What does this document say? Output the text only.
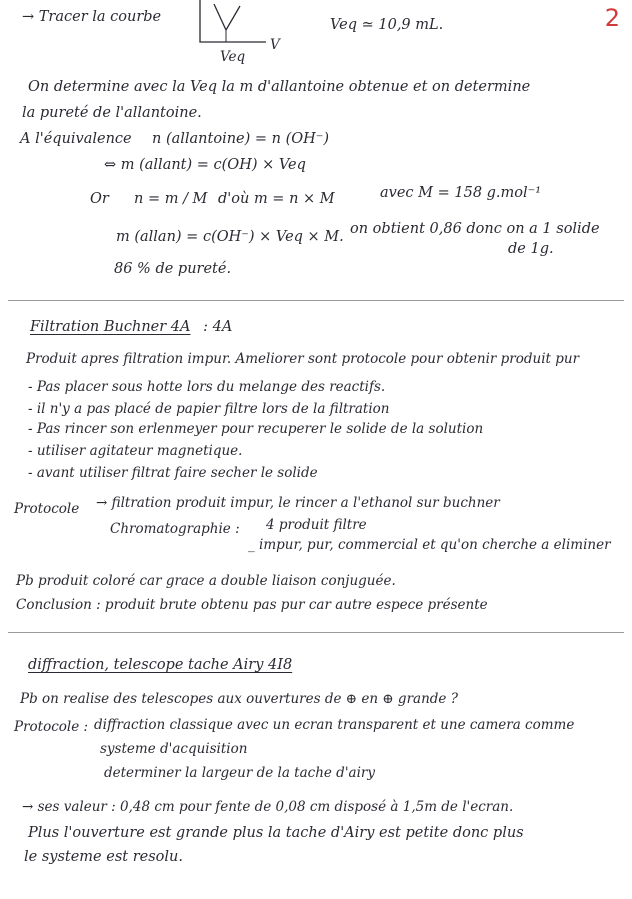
2
→ Tracer la courbe
V
Veq
Veq ≃ 10,9 mL.
On determine avec la Veq la m d'allantoine obtenue et on determine
la pureté de l'allantoine.
A l'équivalence n (allantoine) = n (OH⁻)
⇔ m (allant) = c(OH) × Veq
Or n = m / M d'où m = n × M	avec M = 158 g.mol⁻¹
m (allan) = c(OH⁻) × Veq × M. on obtient 0,86 donc on a 1 solide
de 1g.
86 % de pureté.
Filtration Buchner 4A : 4A
Produit apres filtration impur. Ameliorer sont protocole pour obtenir produit pur
- Pas placer sous hotte lors du melange des reactifs.
- il n'y a pas placé de papier filtre lors de la filtration
- Pas rincer son erlenmeyer pour recuperer le solide de la solution
- utiliser agitateur magnetique.
- avant utiliser filtrat faire secher le solide
Protocole → filtration produit impur, le rincer a l'ethanol sur buchner
Chromatographie : 4 produit filtre
_ impur, pur, commercial et qu'on cherche a eliminer
Pb produit coloré car grace a double liaison conjuguée.
Conclusion : produit brute obtenu pas pur car autre espece présente
diffraction, telescope tache Airy 4I8
Pb on realise des telescopes aux ouvertures de ⊕ en ⊕ grande ?
Protocole : diffraction classique avec un ecran transparent et une camera comme
systeme d'acquisition
determiner la largeur de la tache d'airy
→ ses valeur : 0,48 cm pour fente de 0,08 cm disposé à 1,5m de l'ecran.
Plus l'ouverture est grande plus la tache d'Airy est petite donc plus
le systeme est resolu.
